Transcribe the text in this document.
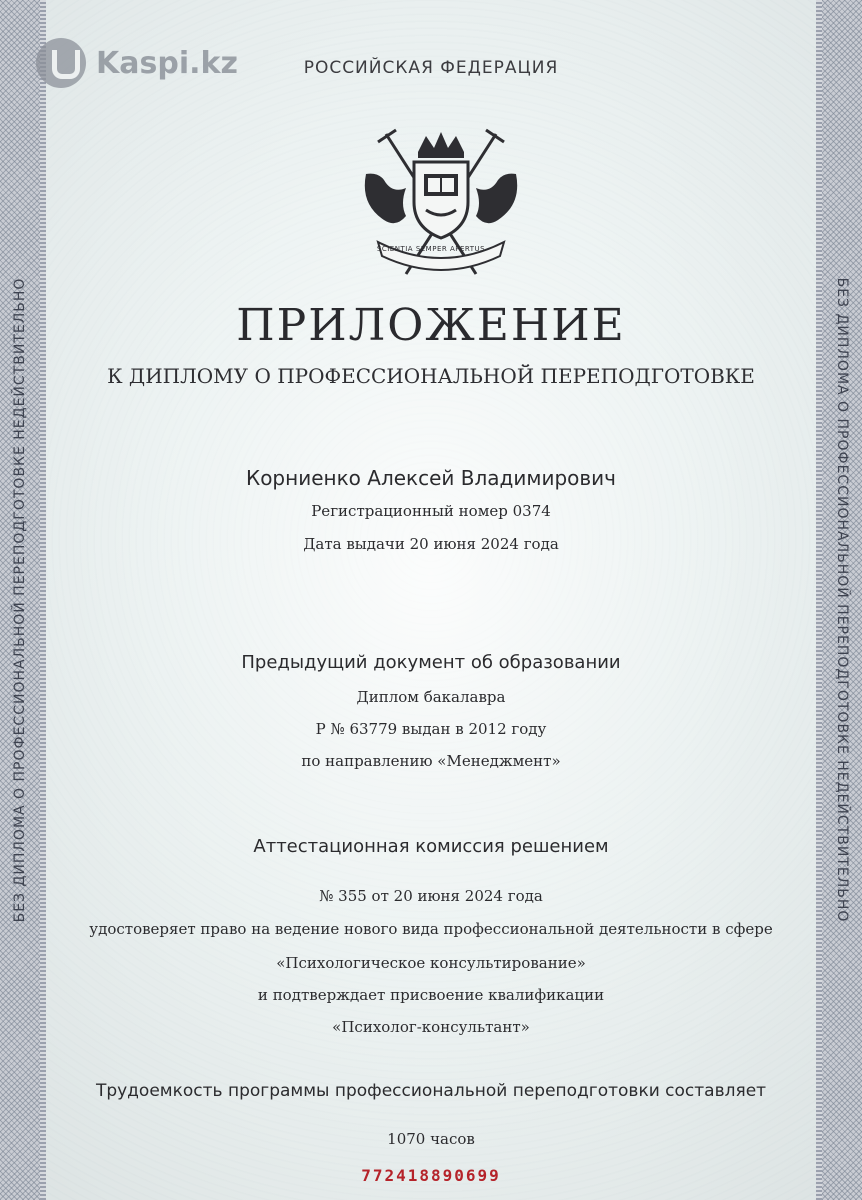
БЕЗ ДИПЛОМА О ПРОФЕССИОНАЛЬНОЙ ПЕРЕПОДГОТОВКЕ НЕДЕЙСТВИТЕЛЬНО	БЕЗ ДИПЛОМА О ПРОФЕССИОНАЛЬНОЙ ПЕРЕПОДГОТОВКЕ НЕДЕЙСТВИТЕЛЬНО
Kaspi.kz	РОССИЙСКАЯ ФЕДЕРАЦИЯ
SCIENTIA SEMPER APERTUS
ПРИЛОЖЕНИЕ
К ДИПЛОМУ О ПРОФЕССИОНАЛЬНОЙ ПЕРЕПОДГОТОВКЕ
Корниенко Алексей Владимирович
Регистрационный номер 0374
Дата выдачи 20 июня 2024 года
Предыдущий документ об образовании
Диплом бакалавра
Р № 63779 выдан в 2012 году
по направлению «Менеджмент»
Аттестационная комиссия решением
№ 355 от 20 июня 2024 года
удостоверяет право на ведение нового вида профессиональной деятельности в сфере
«Психологическое консультирование»
и подтверждает присвоение квалификации
«Психолог-консультант»
Трудоемкость программы профессиональной переподготовки составляет
1070 часов
772418890699
